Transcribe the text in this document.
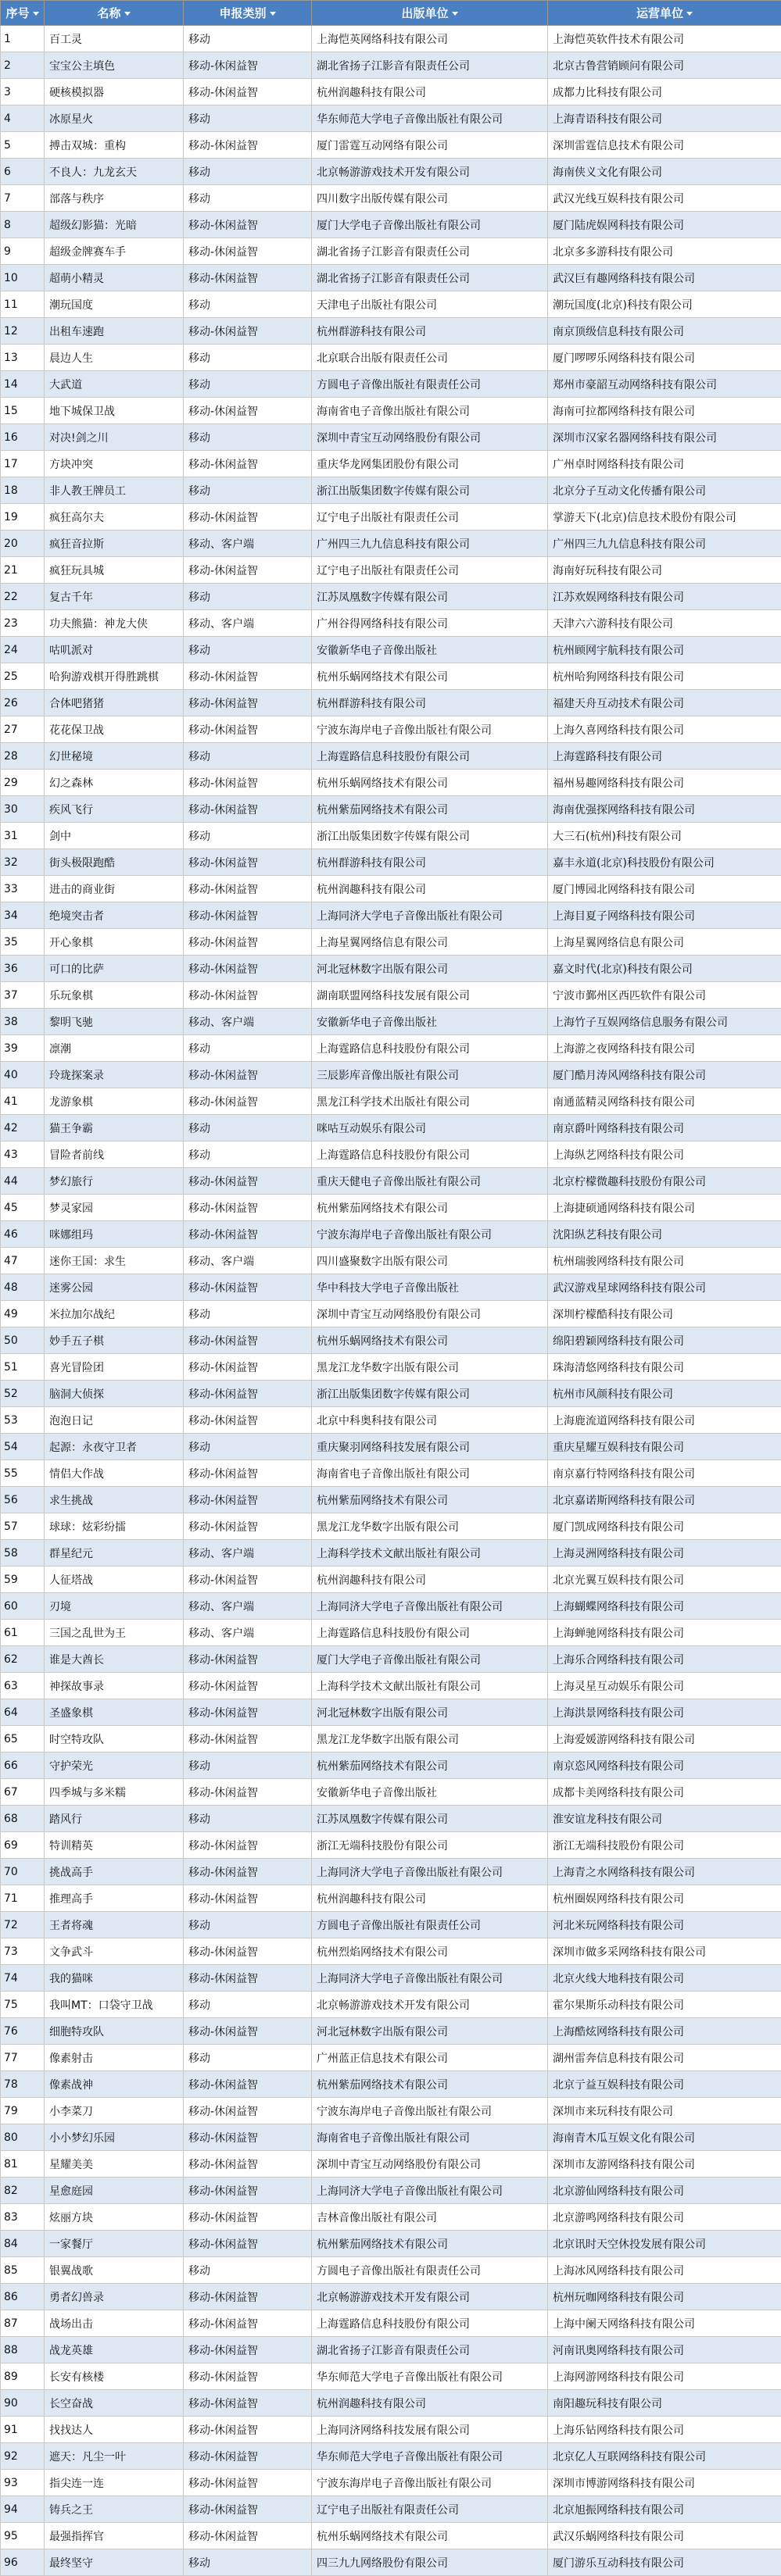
序号	名称	申报类别	出版单位	运营单位
1	百工灵	移动	上海恺英网络科技有限公司	上海恺英软件技术有限公司
2	宝宝公主填色	移动-休闲益智	湖北省扬子江影音有限责任公司	北京古鲁营销顾问有限公司
3	硬核模拟器	移动-休闲益智	杭州润趣科技有限公司	成都力比科技有限公司
4	冰原星火	移动	华东师范大学电子音像出版社有限公司	上海青语科技有限公司
5	搏击双城：重构	移动-休闲益智	厦门雷霆互动网络有限公司	深圳雷霆信息技术有限公司
6	不良人：九龙玄天	移动	北京畅游游戏技术开发有限公司	海南侠义文化有限公司
7	部落与秩序	移动	四川数字出版传媒有限公司	武汉光线互娱科技有限公司
8	超级幻影猫：光暗	移动-休闲益智	厦门大学电子音像出版社有限公司	厦门陆虎娱网科技有限公司
9	超级金牌赛车手	移动-休闲益智	湖北省扬子江影音有限责任公司	北京多多游科技有限公司
10	超萌小精灵	移动-休闲益智	湖北省扬子江影音有限责任公司	武汉巨有趣网络科技有限公司
11	潮玩国度	移动	天津电子出版社有限公司	潮玩国度(北京)科技有限公司
12	出租车速跑	移动-休闲益智	杭州群游科技有限公司	南京顶级信息科技有限公司
13	晨边人生	移动	北京联合出版有限责任公司	厦门啰啰乐网络科技有限公司
14	大武道	移动	方圆电子音像出版社有限责任公司	郑州市豪韶互动网络科技有限公司
15	地下城保卫战	移动-休闲益智	海南省电子音像出版社有限公司	海南可拉都网络科技有限公司
16	对决!剑之川	移动	深圳中青宝互动网络股份有限公司	深圳市汉家名器网络科技有限公司
17	方块冲突	移动-休闲益智	重庆华龙网集团股份有限公司	广州卓时网络科技有限公司
18	非人教王牌员工	移动	浙江出版集团数字传媒有限公司	北京分子互动文化传播有限公司
19	疯狂高尔夫	移动-休闲益智	辽宁电子出版社有限责任公司	掌游天下(北京)信息技术股份有限公司
20	疯狂音拉斯	移动、客户端	广州四三九九信息科技有限公司	广州四三九九信息科技有限公司
21	疯狂玩具城	移动-休闲益智	辽宁电子出版社有限责任公司	海南好玩科技有限公司
22	复古千年	移动	江苏凤凰数字传媒有限公司	江苏欢娱网络科技有限公司
23	功夫熊猫：神龙大侠	移动、客户端	广州谷得网络科技有限公司	天津六六游科技有限公司
24	咕叽派对	移动	安徽新华电子音像出版社	杭州顾网宇航科技有限公司
25	哈狗游戏棋开得胜跳棋	移动-休闲益智	杭州乐蜗网络技术有限公司	杭州哈狗网络科技有限公司
26	合体吧猪猪	移动-休闲益智	杭州群游科技有限公司	福建天舟互动技术有限公司
27	花花保卫战	移动-休闲益智	宁波东海岸电子音像出版社有限公司	上海久喜网络科技有限公司
28	幻世秘境	移动	上海霆路信息科技股份有限公司	上海霆路科技有限公司
29	幻之森林	移动-休闲益智	杭州乐蜗网络技术有限公司	福州易趣网络科技有限公司
30	疾风飞行	移动-休闲益智	杭州紫茄网络技术有限公司	海南优强探网络科技有限公司
31	剑中	移动	浙江出版集团数字传媒有限公司	大三石(杭州)科技有限公司
32	街头极限跑酷	移动-休闲益智	杭州群游科技有限公司	嘉丰永道(北京)科技股份有限公司
33	进击的商业街	移动-休闲益智	杭州润趣科技有限公司	厦门博园北网络科技有限公司
34	绝境突击者	移动-休闲益智	上海同济大学电子音像出版社有限公司	上海目夏子网络科技有限公司
35	开心象棋	移动-休闲益智	上海星翼网络信息有限公司	上海星翼网络信息有限公司
36	可口的比萨	移动-休闲益智	河北冠林数字出版有限公司	嘉文时代(北京)科技有限公司
37	乐玩象棋	移动-休闲益智	湖南联盟网络科技发展有限公司	宁波市鄞州区西匹软件有限公司
38	黎明飞驰	移动、客户端	安徽新华电子音像出版社	上海竹子互娱网络信息服务有限公司
39	凛潮	移动	上海霆路信息科技股份有限公司	上海游之夜网络科技有限公司
40	玲珑探案录	移动-休闲益智	三辰影库音像出版社有限公司	厦门酷月涛风网络科技有限公司
41	龙游象棋	移动-休闲益智	黑龙江科学技术出版社有限公司	南通蓝精灵网络科技有限公司
42	猫王争霸	移动	咪咕互动娱乐有限公司	南京爵叶网络科技有限公司
43	冒险者前线	移动	上海霆路信息科技股份有限公司	上海纵艺网络科技有限公司
44	梦幻旅行	移动-休闲益智	重庆天健电子音像出版社有限公司	北京柠檬微趣科技股份有限公司
45	梦灵家园	移动-休闲益智	杭州紫茄网络技术有限公司	上海捷硕通网络科技有限公司
46	咪娜组玛	移动-休闲益智	宁波东海岸电子音像出版社有限公司	沈阳纵艺科技有限公司
47	迷你王国：求生	移动、客户端	四川盛聚数字出版有限公司	杭州瑞骏网络科技有限公司
48	迷雾公园	移动-休闲益智	华中科技大学电子音像出版社	武汉游戏星球网络科技有限公司
49	米拉加尔战纪	移动	深圳中青宝互动网络股份有限公司	深圳柠檬酷科技有限公司
50	妙手五子棋	移动-休闲益智	杭州乐蜗网络技术有限公司	绵阳碧颖网络科技有限公司
51	喜光冒险团	移动-休闲益智	黑龙江龙华数字出版有限公司	珠海清悠网络科技有限公司
52	脑洞大侦探	移动-休闲益智	浙江出版集团数字传媒有限公司	杭州市风颜科技有限公司
53	泡泡日记	移动-休闲益智	北京中科奥科技有限公司	上海鹿流道网络科技有限公司
54	起源：永夜守卫者	移动	重庆聚羽网络科技发展有限公司	重庆星耀互娱科技有限公司
55	情侣大作战	移动-休闲益智	海南省电子音像出版社有限公司	南京嘉行特网络科技有限公司
56	求生挑战	移动-休闲益智	杭州紫茄网络技术有限公司	北京嘉诺斯网络科技有限公司
57	球球：炫彩纷擂	移动-休闲益智	黑龙江龙华数字出版有限公司	厦门凯成网络科技有限公司
58	群星纪元	移动、客户端	上海科学技术文献出版社有限公司	上海灵洲网络科技有限公司
59	人征塔战	移动-休闲益智	杭州润趣科技有限公司	北京光翼互娱科技有限公司
60	刃境	移动、客户端	上海同济大学电子音像出版社有限公司	上海蝴蝶网络科技有限公司
61	三国之乱世为王	移动、客户端	上海霆路信息科技股份有限公司	上海蝉驰网络科技有限公司
62	谁是大酋长	移动-休闲益智	厦门大学电子音像出版社有限公司	上海乐合网络科技有限公司
63	神探故事录	移动-休闲益智	上海科学技术文献出版社有限公司	上海灵星互动娱乐有限公司
64	圣盛象棋	移动-休闲益智	河北冠林数字出版有限公司	上海洪景网络科技有限公司
65	时空特攻队	移动-休闲益智	黑龙江龙华数字出版有限公司	上海爱媛游网络科技有限公司
66	守护荣光	移动	杭州紫茄网络技术有限公司	南京恣风网络科技有限公司
67	四季城与多米糯	移动-休闲益智	安徽新华电子音像出版社	成都卡美网络科技有限公司
68	踏风行	移动	江苏凤凰数字传媒有限公司	淮安谊龙科技有限公司
69	特训精英	移动-休闲益智	浙江无端科技股份有限公司	浙江无端科技股份有限公司
70	挑战高手	移动-休闲益智	上海同济大学电子音像出版社有限公司	上海青之水网络科技有限公司
71	推理高手	移动-休闲益智	杭州润趣科技有限公司	杭州圈娱网络科技有限公司
72	王者将魂	移动	方圆电子音像出版社有限责任公司	河北米玩网络科技有限公司
73	文争武斗	移动-休闲益智	杭州烈焰网络技术有限公司	深圳市做多采网络科技有限公司
74	我的猫咪	移动-休闲益智	上海同济大学电子音像出版社有限公司	北京火线大地科技有限公司
75	我叫MT：口袋守卫战	移动	北京畅游游戏技术开发有限公司	霍尔果斯乐动科技有限公司
76	细胞特攻队	移动-休闲益智	河北冠林数字出版有限公司	上海酷炫网络科技有限公司
77	像素射击	移动	广州蓝正信息技术有限公司	湖州雷奔信息科技有限公司
78	像素战神	移动-休闲益智	杭州紫茄网络技术有限公司	北京亍益互娱科技有限公司
79	小李菜刀	移动-休闲益智	宁波东海岸电子音像出版社有限公司	深圳市来玩科技有限公司
80	小小梦幻乐园	移动-休闲益智	海南省电子音像出版社有限公司	海南青木瓜互娱文化有限公司
81	星耀美美	移动-休闲益智	深圳中青宝互动网络股份有限公司	深圳市友游网络科技有限公司
82	星愈庭园	移动-休闲益智	上海同济大学电子音像出版社有限公司	北京游仙网络科技有限公司
83	炫丽方块	移动-休闲益智	吉林音像出版社有限公司	北京游鸣网络科技有限公司
84	一家餐厅	移动-休闲益智	杭州紫茄网络技术有限公司	北京讯时天空休投发展有限公司
85	银翼战歌	移动	方圆电子音像出版社有限责任公司	上海冰风网络科技有限公司
86	勇者幻兽录	移动-休闲益智	北京畅游游戏技术开发有限公司	杭州玩咖网络科技有限公司
87	战场出击	移动-休闲益智	上海霆路信息科技股份有限公司	上海中阑天网络科技有限公司
88	战龙英雄	移动-休闲益智	湖北省扬子江影音有限责任公司	河南讯奥网络科技有限公司
89	长安有核楼	移动-休闲益智	华东师范大学电子音像出版社有限公司	上海网游网络科技有限公司
90	长空奋战	移动-休闲益智	杭州润趣科技有限公司	南阳趣玩科技有限公司
91	找找达人	移动-休闲益智	上海同济网络科技发展有限公司	上海乐钻网络科技有限公司
92	遮天：凡尘一叶	移动-休闲益智	华东师范大学电子音像出版社有限公司	北京亿人互联网络科技有限公司
93	指尖连一连	移动-休闲益智	宁波东海岸电子音像出版社有限公司	深圳市博游网络科技有限公司
94	铸兵之王	移动-休闲益智	辽宁电子出版社有限责任公司	北京旭振网络科技有限公司
95	最强指挥官	移动-休闲益智	杭州乐蜗网络技术有限公司	武汉乐蜗网络科技有限公司
96	最终坚守	移动	四三九九网络股份有限公司	厦门游乐互动科技有限公司
